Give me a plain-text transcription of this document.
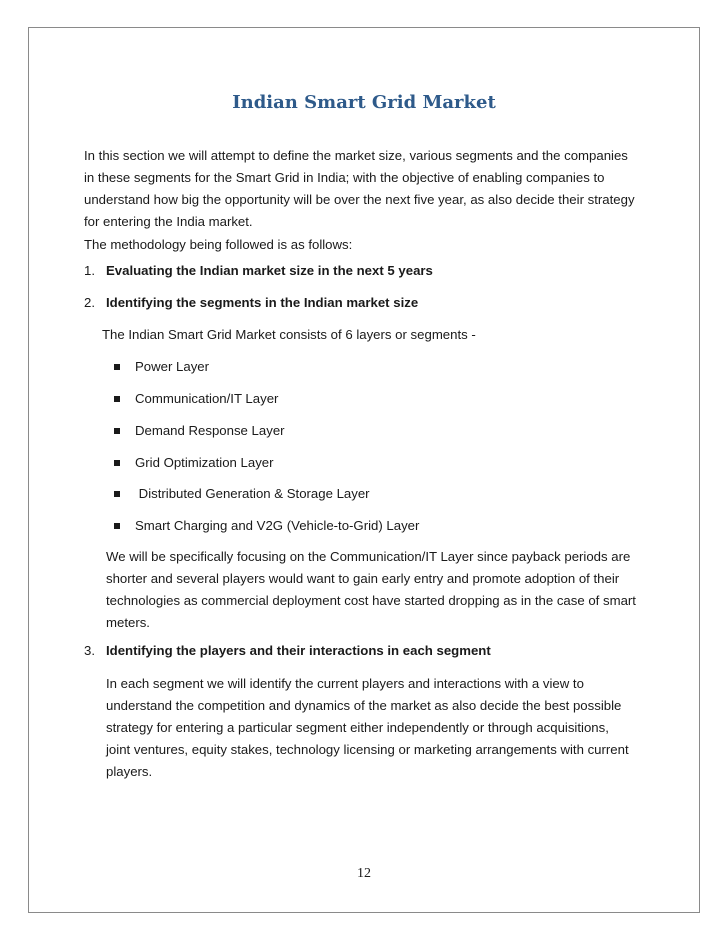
Indian Smart Grid Market
In this section we will attempt to define the market size, various segments and the companies
in these segments for the Smart Grid in India; with the objective of enabling companies to
understand how big the opportunity will be over the next five year, as also decide their strategy
for entering the India market.
The methodology being followed is as follows:
1. Evaluating the Indian market size in the next 5 years
2. Identifying the segments in the Indian market size
The Indian Smart Grid Market consists of 6 layers or segments -
Power Layer
Communication/IT Layer
Demand Response Layer
Grid Optimization Layer
Distributed Generation & Storage Layer
Smart Charging and V2G (Vehicle-to-Grid) Layer
We will be specifically focusing on the Communication/IT Layer since payback periods are
shorter and several players would want to gain early entry and promote adoption of their
technologies as commercial deployment cost have started dropping as in the case of smart
meters.
3. Identifying the players and their interactions in each segment
In each segment we will identify the current players and interactions with a view to
understand the competition and dynamics of the market as also decide the best possible
strategy for entering a particular segment either independently or through acquisitions,
joint ventures, equity stakes, technology licensing or marketing arrangements with current
players.
12
